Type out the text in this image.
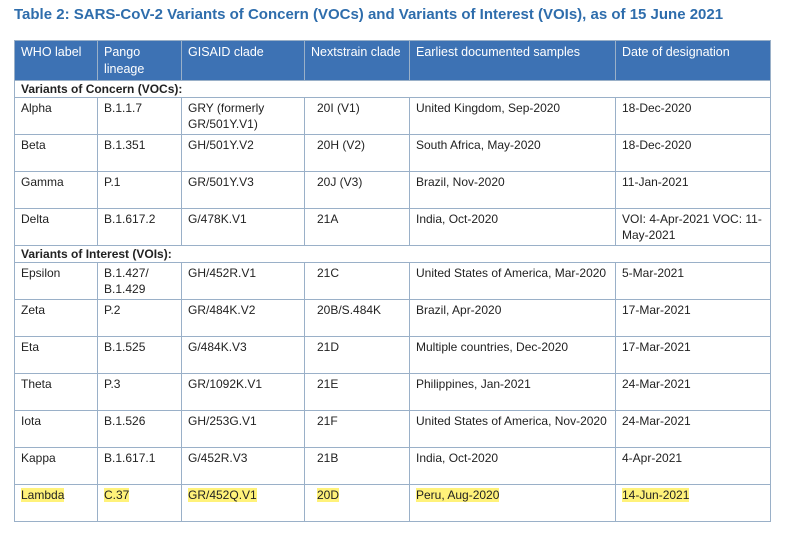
Table 2: SARS-CoV-2 Variants of Concern (VOCs) and Variants of Interest (VOIs), as of 15 June 2021
WHO label	Pango lineage	GISAID clade	Nextstrain clade	Earliest documented samples	Date of designation
Variants of Concern (VOCs):					
Alpha	B.1.1.7	GRY (formerly GR/501Y.V1)	20I (V1)	United Kingdom, Sep-2020	18-Dec-2020
Beta	B.1.351	GH/501Y.V2	20H (V2)	South Africa, May-2020	18-Dec-2020
Gamma	P.1	GR/501Y.V3	20J (V3)	Brazil, Nov-2020	11-Jan-2021
Delta	B.1.617.2	G/478K.V1	21A	India, Oct-2020	VOI: 4-Apr-2021 VOC: 11-May-2021
Variants of Interest (VOIs):					
Epsilon	B.1.427/ B.1.429	GH/452R.V1	21C	United States of America, Mar-2020	5-Mar-2021
Zeta	P.2	GR/484K.V2	20B/S.484K	Brazil, Apr-2020	17-Mar-2021
Eta	B.1.525	G/484K.V3	21D	Multiple countries, Dec-2020	17-Mar-2021
Theta	P.3	GR/1092K.V1	21E	Philippines, Jan-2021	24-Mar-2021
Iota	B.1.526	GH/253G.V1	21F	United States of America, Nov-2020	24-Mar-2021
Kappa	B.1.617.1	G/452R.V3	21B	India, Oct-2020	4-Apr-2021
Lambda	C.37	GR/452Q.V1	20D	Peru, Aug-2020	14-Jun-2021
